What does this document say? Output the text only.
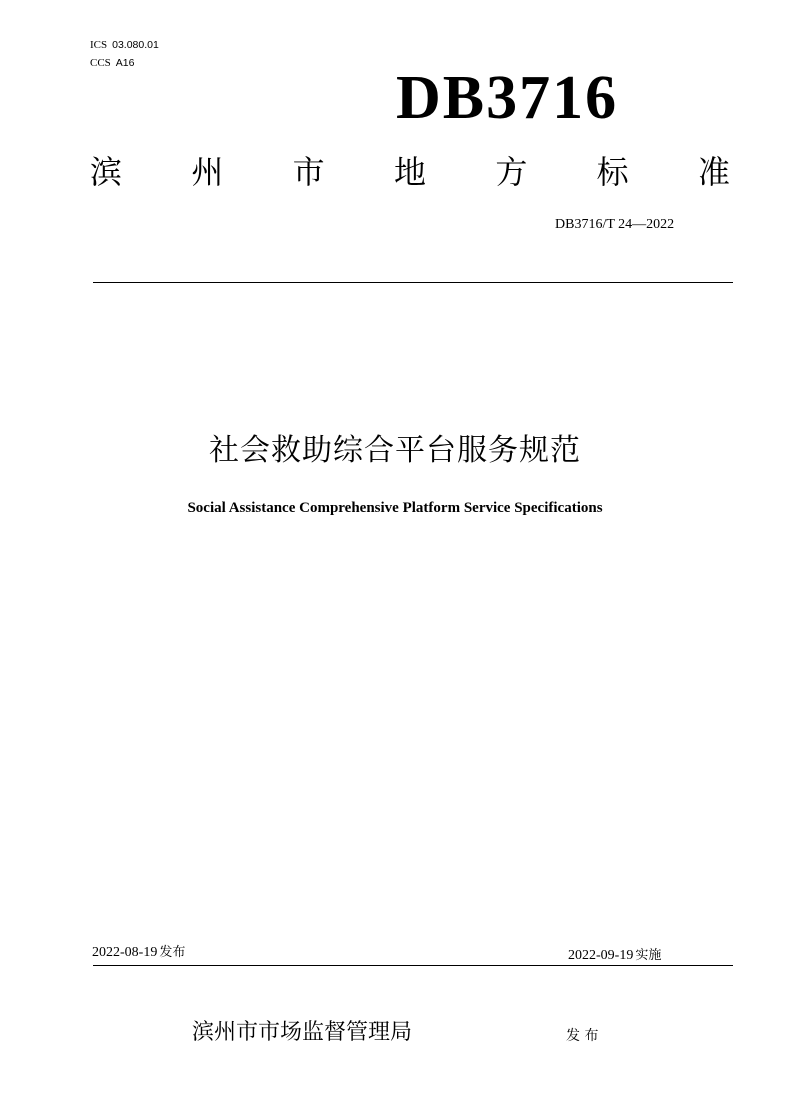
ICS 03.080.01
CCS A16
DB3716
滨 州 市 地 方 标 准
DB3716/T 24—2022
社会救助综合平台服务规范
Social Assistance Comprehensive Platform Service Specifications
2022-08-19 发布	2022-09-19 实施
滨州市市场监督管理局	发 布
